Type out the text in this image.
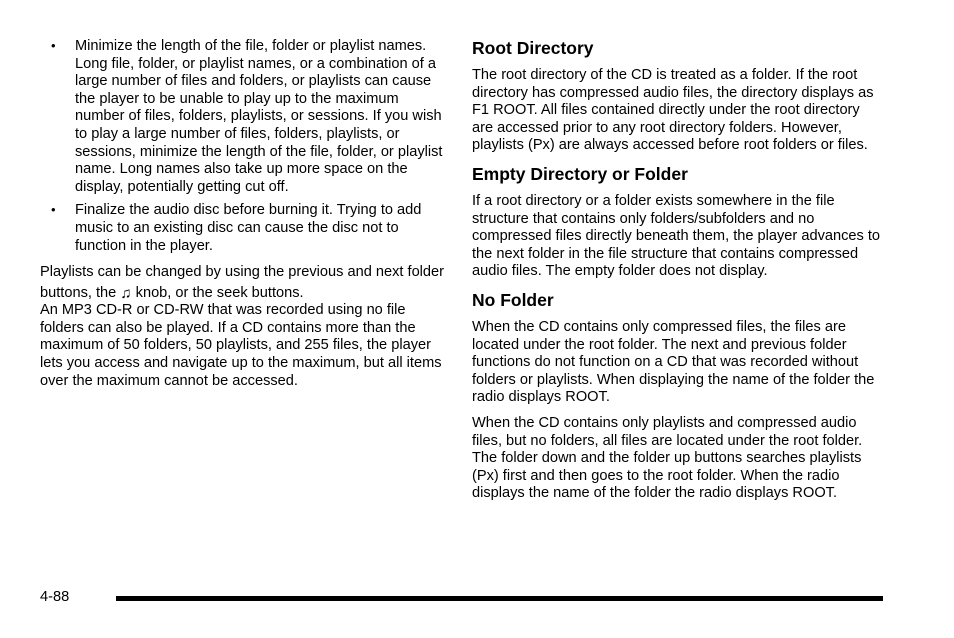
• Minimize the length of the file, folder or playlist names. Long file, folder, or playlist names, or a combination of a large number of files and folders, or playlists can cause the player to be unable to play up to the maximum number of files, folders, playlists, or sessions. If you wish to play a large number of files, folders, playlists, or sessions, minimize the length of the file, folder, or playlist name. Long names also take up more space on the display, potentially getting cut off.
• Finalize the audio disc before burning it. Trying to add music to an existing disc can cause the disc not to function in the player.

Playlists can be changed by using the previous and next folder buttons, the ♫ knob, or the seek buttons.

An MP3 CD-R or CD-RW that was recorded using no file folders can also be played. If a CD contains more than the maximum of 50 folders, 50 playlists, and 255 files, the player lets you access and navigate up to the maximum, but all items over the maximum cannot be accessed.

Root Directory

The root directory of the CD is treated as a folder. If the root directory has compressed audio files, the directory displays as F1 ROOT. All files contained directly under the root directory are accessed prior to any root directory folders. However, playlists (Px) are always accessed before root folders or files.

Empty Directory or Folder

If a root directory or a folder exists somewhere in the file structure that contains only folders/subfolders and no compressed files directly beneath them, the player advances to the next folder in the file structure that contains compressed audio files. The empty folder does not display.

No Folder

When the CD contains only compressed files, the files are located under the root folder. The next and previous folder functions do not function on a CD that was recorded without folders or playlists. When displaying the name of the folder the radio displays ROOT.

When the CD contains only playlists and compressed audio files, but no folders, all files are located under the root folder. The folder down and the folder up buttons searches playlists (Px) first and then goes to the root folder. When the radio displays the name of the folder the radio displays ROOT.

4-88
